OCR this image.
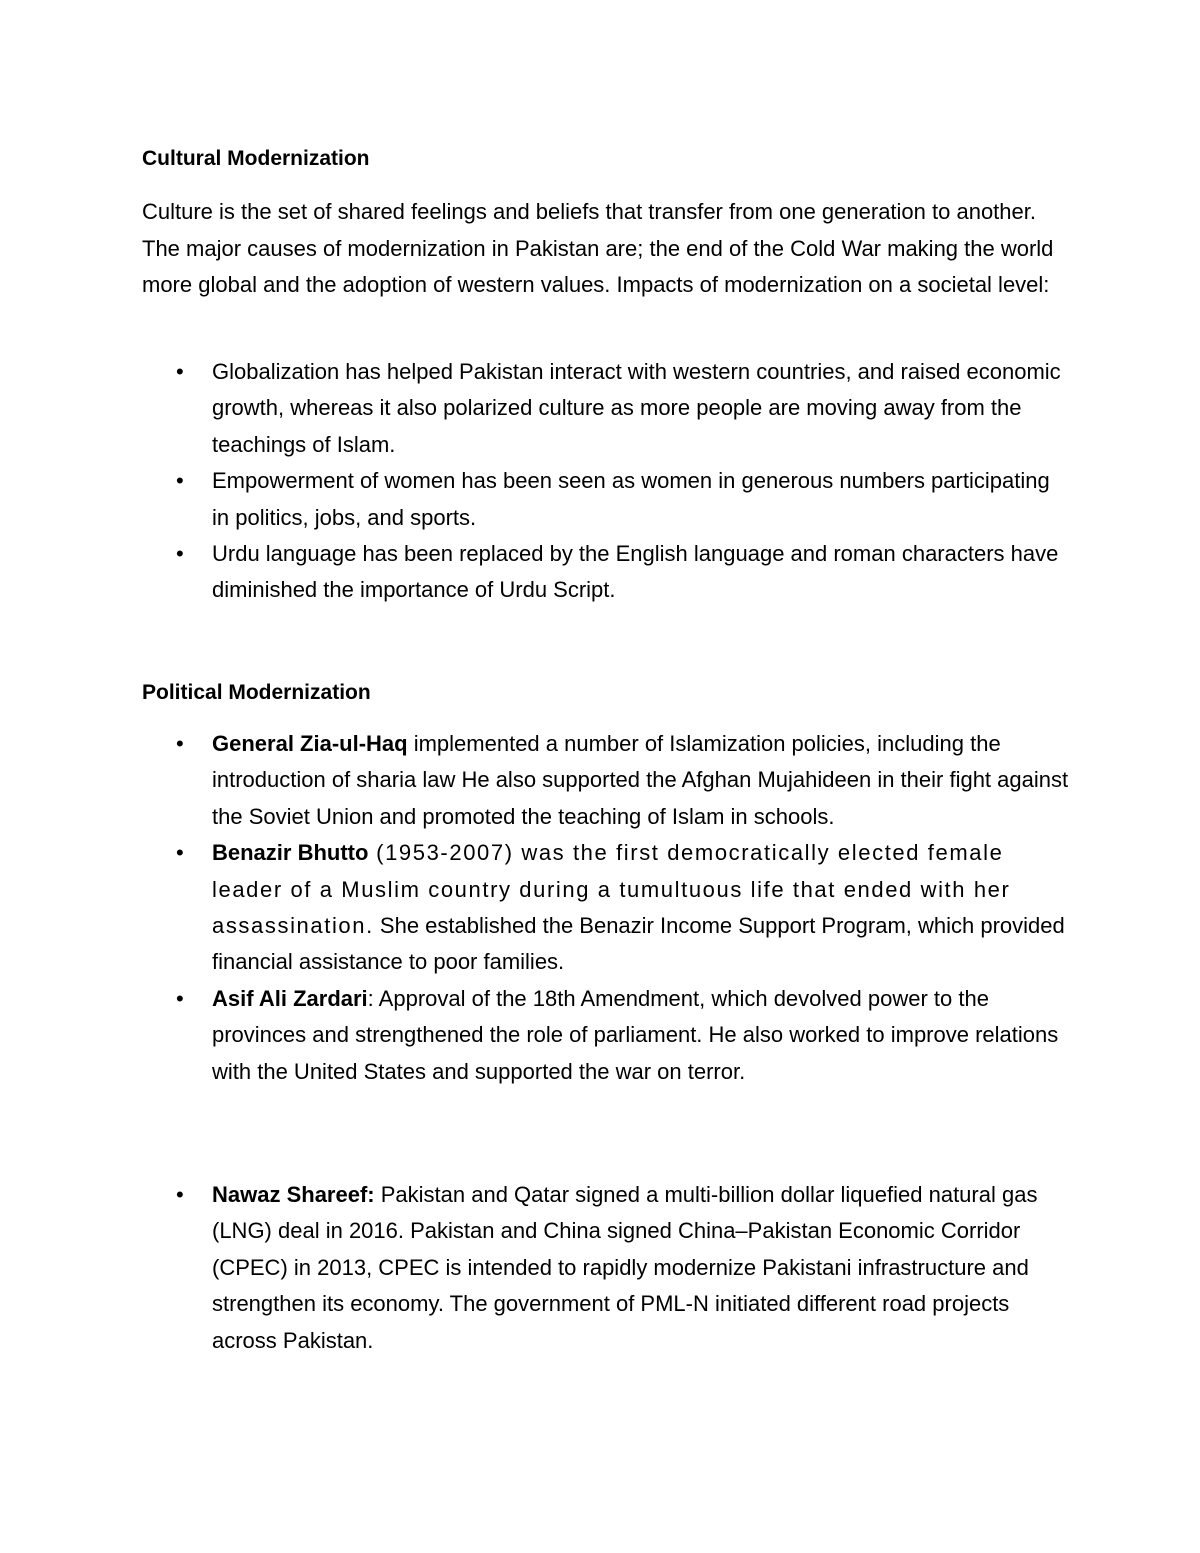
Cultural Modernization

Culture is the set of shared feelings and beliefs that transfer from one generation to another. The major causes of modernization in Pakistan are; the end of the Cold War making the world more global and the adoption of western values. Impacts of modernization on a societal level:

• Globalization has helped Pakistan interact with western countries, and raised economic growth, whereas it also polarized culture as more people are moving away from the teachings of Islam.
• Empowerment of women has been seen as women in generous numbers participating in politics, jobs, and sports.
• Urdu language has been replaced by the English language and roman characters have diminished the importance of Urdu Script.
Political Modernization
• General Zia-ul-Haq implemented a number of Islamization policies, including the introduction of sharia law He also supported the Afghan Mujahideen in their fight against the Soviet Union and promoted the teaching of Islam in schools.
• Benazir Bhutto (1953-2007) was the first democratically elected female leader of a Muslim country during a tumultuous life that ended with her assassination. She established the Benazir Income Support Program, which provided financial assistance to poor families.
• Asif Ali Zardari: Approval of the 18th Amendment, which devolved power to the provinces and strengthened the role of parliament. He also worked to improve relations with the United States and supported the war on terror.
• Nawaz Shareef: Pakistan and Qatar signed a multi-billion dollar liquefied natural gas (LNG) deal in 2016. Pakistan and China signed China–Pakistan Economic Corridor (CPEC) in 2013, CPEC is intended to rapidly modernize Pakistani infrastructure and strengthen its economy. The government of PML-N initiated different road projects across Pakistan.
